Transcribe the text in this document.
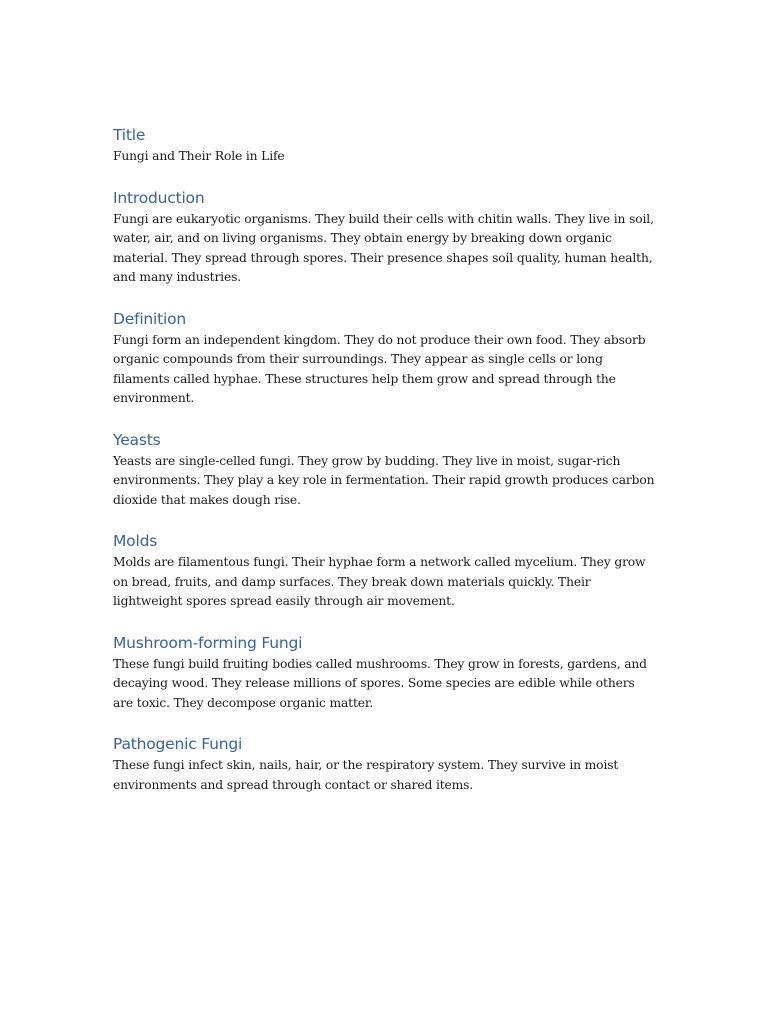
Title

Fungi and Their Role in Life

Introduction

Fungi are eukaryotic organisms. They build their cells with chitin walls. They live in soil, water, air, and on living organisms. They obtain energy by breaking down organic material. They spread through spores. Their presence shapes soil quality, human health, and many industries.

Definition

Fungi form an independent kingdom. They do not produce their own food. They absorb organic compounds from their surroundings. They appear as single cells or long filaments called hyphae. These structures help them grow and spread through the environment.

Yeasts

Yeasts are single-celled fungi. They grow by budding. They live in moist, sugar-rich environments. They play a key role in fermentation. Their rapid growth produces carbon dioxide that makes dough rise.

Molds

Molds are filamentous fungi. Their hyphae form a network called mycelium. They grow on bread, fruits, and damp surfaces. They break down materials quickly. Their lightweight spores spread easily through air movement.

Mushroom-forming Fungi

These fungi build fruiting bodies called mushrooms. They grow in forests, gardens, and decaying wood. They release millions of spores. Some species are edible while others are toxic. They decompose organic matter.

Pathogenic Fungi

These fungi infect skin, nails, hair, or the respiratory system. They survive in moist environments and spread through contact or shared items.
